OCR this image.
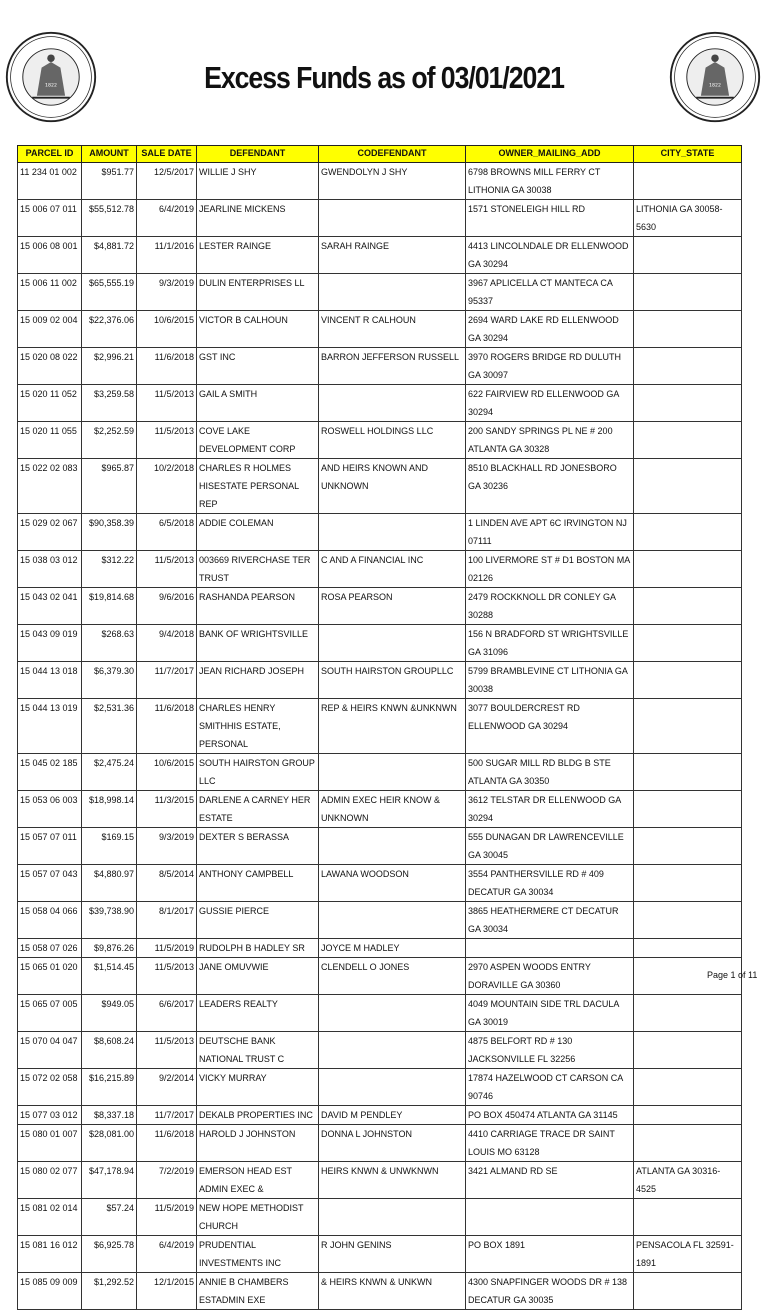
1822	1822
Excess Funds as of 03/01/2021
PARCEL ID	AMOUNT	SALE DATE	DEFENDANT	CODEFENDANT	OWNER_MAILING_ADD	CITY_STATE
11 234 01 002	$951.77	12/5/2017	WILLIE J SHY	GWENDOLYN J SHY	6798 BROWNS MILL FERRY CT LITHONIA GA 30038	
15 006 07 011	$55,512.78	6/4/2019	JEARLINE MICKENS		1571 STONELEIGH HILL RD	LITHONIA GA 30058-5630
15 006 08 001	$4,881.72	11/1/2016	LESTER RAINGE	SARAH RAINGE	4413 LINCOLNDALE DR ELLENWOOD GA 30294	
15 006 11 002	$65,555.19	9/3/2019	DULIN ENTERPRISES LL		3967 APLICELLA CT MANTECA CA 95337	
15 009 02 004	$22,376.06	10/6/2015	VICTOR B CALHOUN	VINCENT R CALHOUN	2694 WARD LAKE RD ELLENWOOD GA 30294	
15 020 08 022	$2,996.21	11/6/2018	GST INC	BARRON JEFFERSON RUSSELL	3970 ROGERS BRIDGE RD DULUTH GA 30097	
15 020 11 052	$3,259.58	11/5/2013	GAIL A SMITH		622 FAIRVIEW RD ELLENWOOD GA 30294	
15 020 11 055	$2,252.59	11/5/2013	COVE LAKE DEVELOPMENT CORP	ROSWELL HOLDINGS LLC	200 SANDY SPRINGS PL NE # 200 ATLANTA GA 30328	
15 022 02 083	$965.87	10/2/2018	CHARLES R HOLMES HISESTATE PERSONAL REP	AND HEIRS KNOWN AND UNKNOWN	8510 BLACKHALL RD JONESBORO GA 30236	
15 029 02 067	$90,358.39	6/5/2018	ADDIE COLEMAN		1 LINDEN AVE APT 6C IRVINGTON NJ 07111	
15 038 03 012	$312.22	11/5/2013	003669 RIVERCHASE TER TRUST	C AND A FINANCIAL INC	100 LIVERMORE ST # D1 BOSTON MA 02126	
15 043 02 041	$19,814.68	9/6/2016	RASHANDA PEARSON	ROSA PEARSON	2479 ROCKKNOLL DR CONLEY GA 30288	
15 043 09 019	$268.63	9/4/2018	BANK OF WRIGHTSVILLE		156 N BRADFORD ST WRIGHTSVILLE GA 31096	
15 044 13 018	$6,379.30	11/7/2017	JEAN RICHARD JOSEPH	SOUTH HAIRSTON GROUPLLC	5799 BRAMBLEVINE CT LITHONIA GA 30038	
15 044 13 019	$2,531.36	11/6/2018	CHARLES HENRY SMITHHIS ESTATE, PERSONAL	REP & HEIRS KNWN &UNKNWN	3077 BOULDERCREST RD ELLENWOOD GA 30294	
15 045 02 185	$2,475.24	10/6/2015	SOUTH HAIRSTON GROUP LLC		500 SUGAR MILL RD BLDG B STE ATLANTA GA 30350	
15 053 06 003	$18,998.14	11/3/2015	DARLENE A CARNEY HER ESTATE	ADMIN EXEC HEIR KNOW & UNKNOWN	3612 TELSTAR DR ELLENWOOD GA 30294	
15 057 07 011	$169.15	9/3/2019	DEXTER S BERASSA		555 DUNAGAN DR LAWRENCEVILLE GA 30045	
15 057 07 043	$4,880.97	8/5/2014	ANTHONY CAMPBELL	LAWANA WOODSON	3554 PANTHERSVILLE RD # 409 DECATUR GA 30034	
15 058 04 066	$39,738.90	8/1/2017	GUSSIE PIERCE		3865 HEATHERMERE CT DECATUR GA 30034	
15 058 07 026	$9,876.26	11/5/2019	RUDOLPH B HADLEY SR	JOYCE M HADLEY		
15 065 01 020	$1,514.45	11/5/2013	JANE OMUVWIE	CLENDELL O JONES	2970 ASPEN WOODS ENTRY DORAVILLE GA 30360	
15 065 07 005	$949.05	6/6/2017	LEADERS REALTY		4049 MOUNTAIN SIDE TRL DACULA GA 30019	
15 070 04 047	$8,608.24	11/5/2013	DEUTSCHE BANK NATIONAL TRUST C		4875 BELFORT RD # 130 JACKSONVILLE FL 32256	
15 072 02 058	$16,215.89	9/2/2014	VICKY MURRAY		17874 HAZELWOOD CT CARSON CA 90746	
15 077 03 012	$8,337.18	11/7/2017	DEKALB PROPERTIES INC	DAVID M PENDLEY	PO BOX 450474 ATLANTA GA 31145	
15 080 01 007	$28,081.00	11/6/2018	HAROLD J JOHNSTON	DONNA L JOHNSTON	4410 CARRIAGE TRACE DR SAINT LOUIS MO 63128	
15 080 02 077	$47,178.94	7/2/2019	EMERSON HEAD EST ADMIN EXEC &	HEIRS KNWN & UNWKNWN	3421 ALMAND RD SE	ATLANTA GA 30316-4525
15 081 02 014	$57.24	11/5/2019	NEW HOPE METHODIST CHURCH			
15 081 16 012	$6,925.78	6/4/2019	PRUDENTIAL INVESTMENTS INC	R JOHN GENINS	PO BOX 1891	PENSACOLA FL 32591-1891
15 085 09 009	$1,292.52	12/1/2015	ANNIE B CHAMBERS ESTADMIN EXE	& HEIRS KNWN & UNKWN	4300 SNAPFINGER WOODS DR # 138 DECATUR GA 30035	
Page 1 of 11
